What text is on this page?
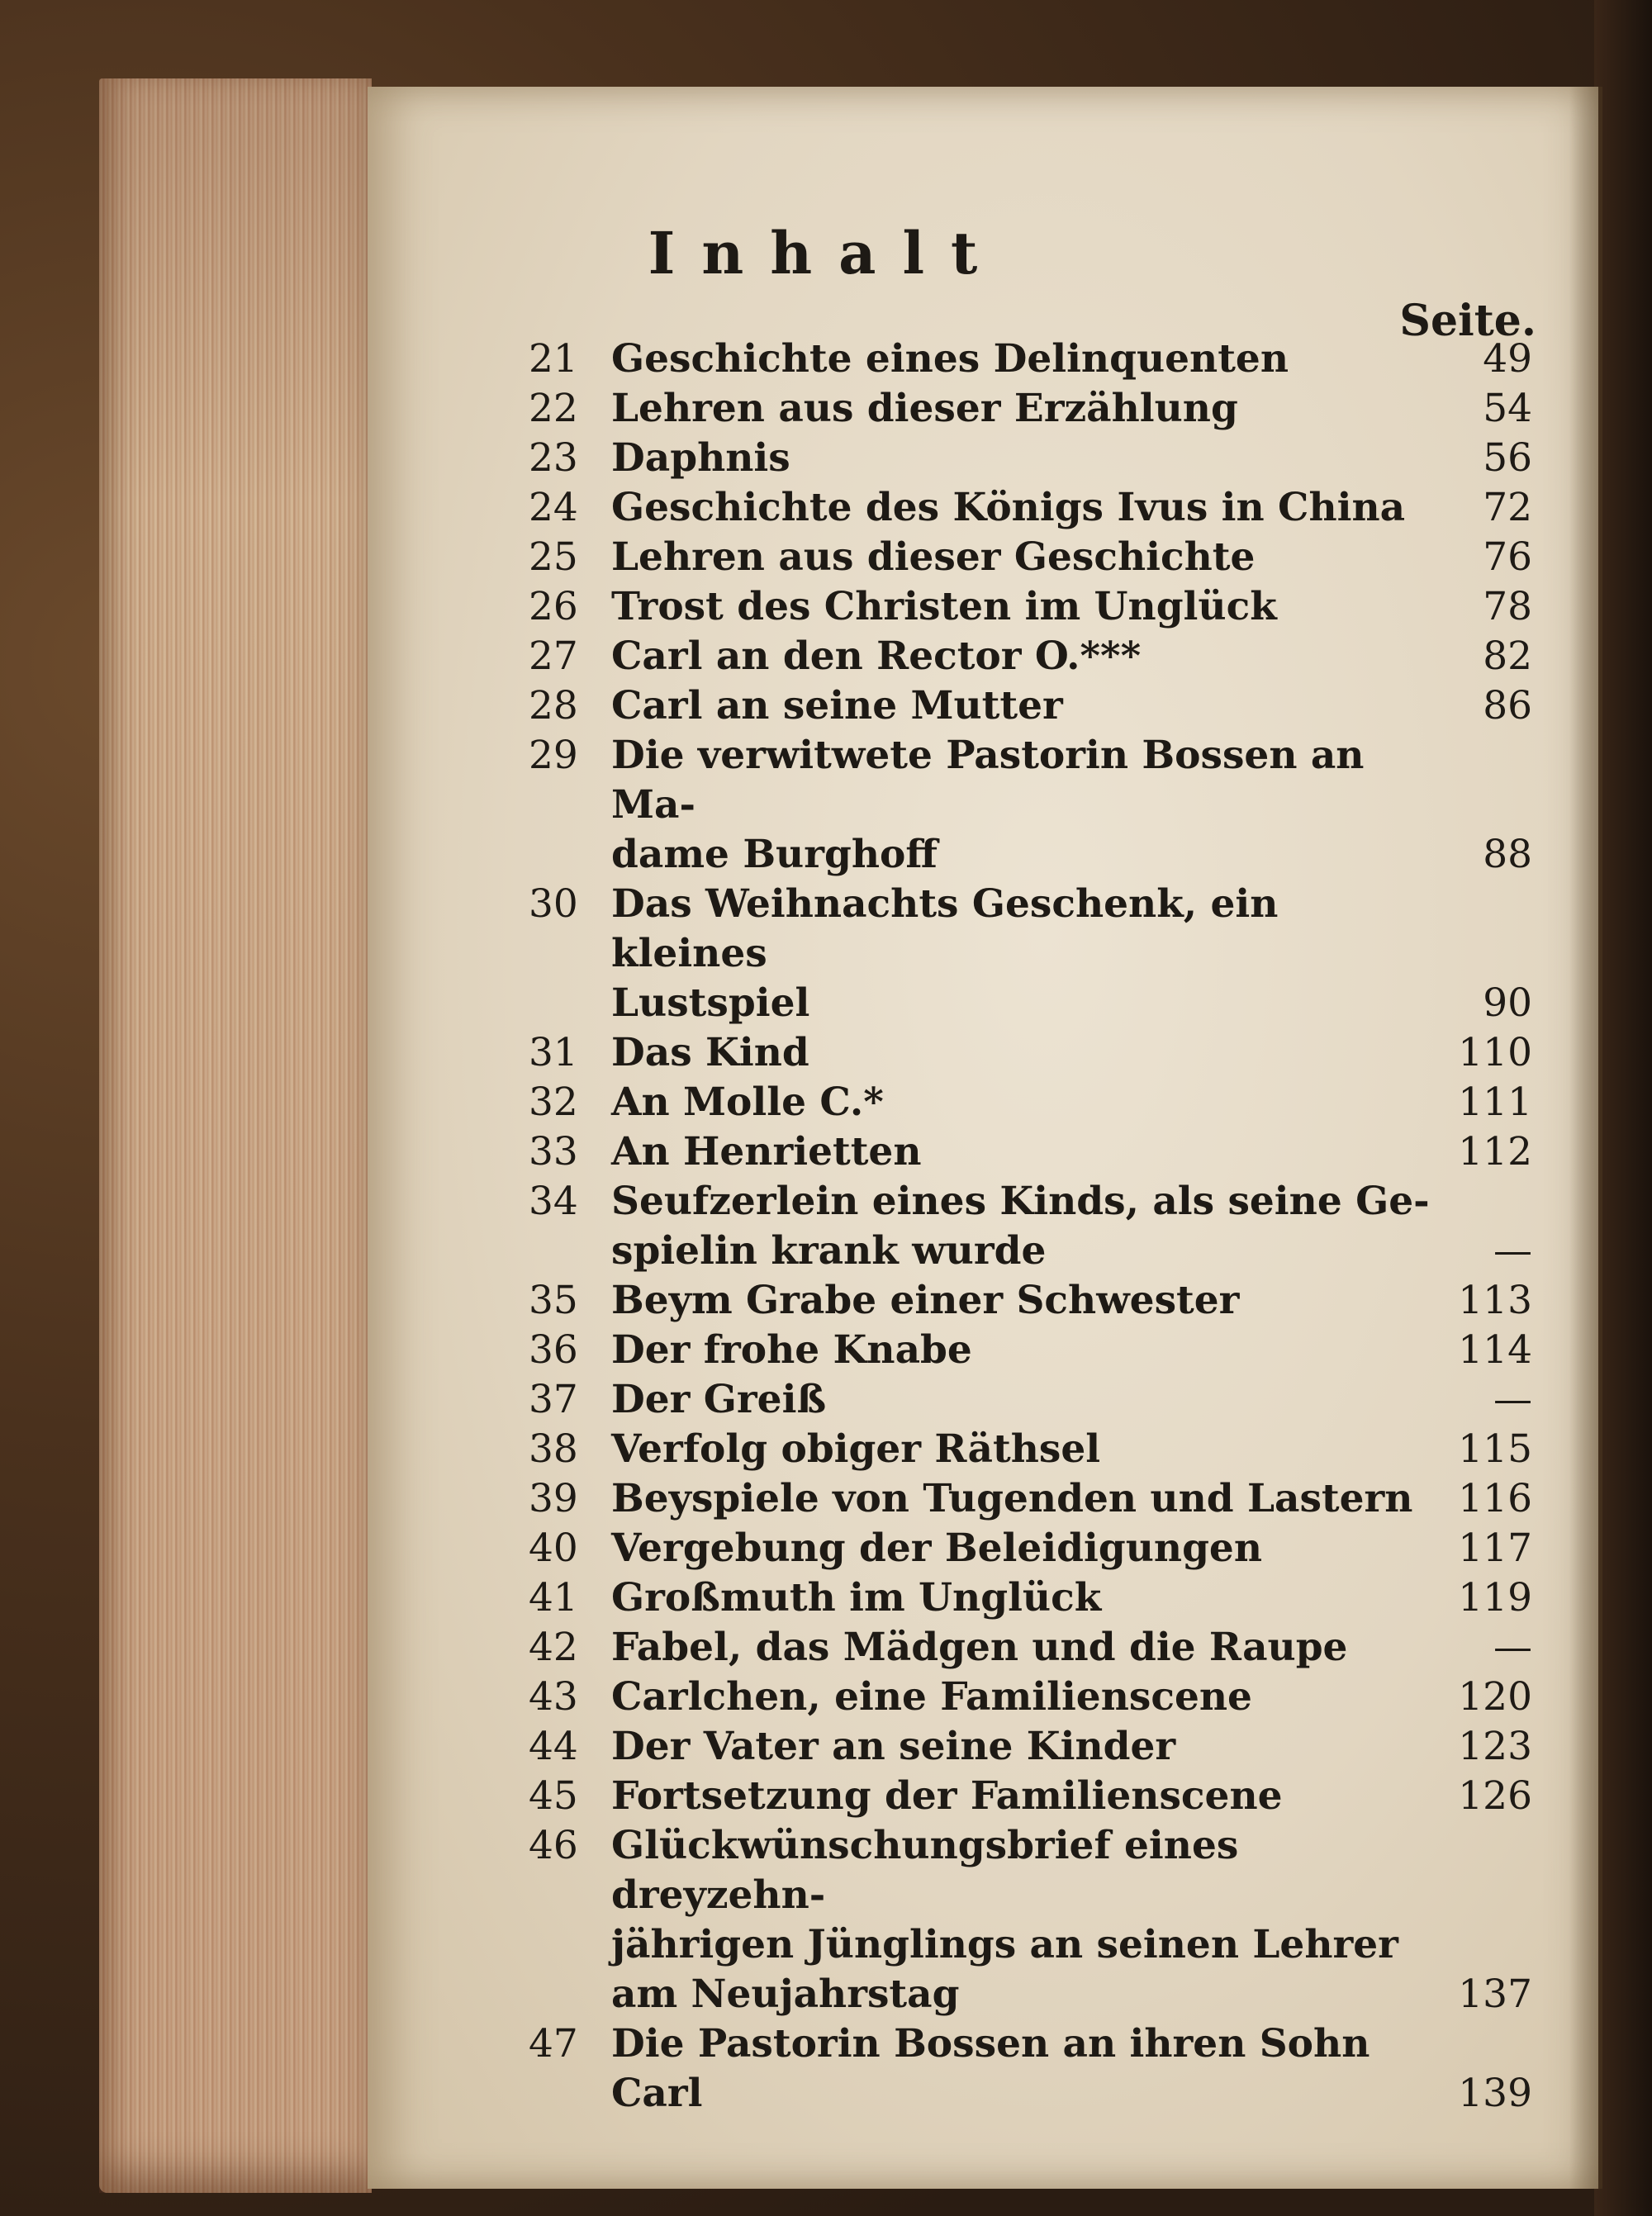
Inhalt
Seite.
21 Geschichte eines Delinquenten	49
22 Lehren aus dieser Erzählung	54
23 Daphnis	56
24 Geschichte des Königs Ivus in China	72
25 Lehren aus dieser Geschichte	76
26 Trost des Christen im Unglück	78
27 Carl an den Rector O.***	82
28 Carl an seine Mutter	86
29 Die verwitwete Pastorin Bossen an Ma-
dame Burghoff	88
30 Das Weihnachts Geschenk, ein kleines
Lustspiel	90
31 Das Kind	110
32 An Molle C.*	111
33 An Henrietten	112
34 Seufzerlein eines Kinds, als seine Ge-
spielin krank wurde	—
35 Beym Grabe einer Schwester	113
36 Der frohe Knabe	114
37 Der Greiß	—
38 Verfolg obiger Räthsel	115
39 Beyspiele von Tugenden und Lastern	116
40 Vergebung der Beleidigungen	117
41 Großmuth im Unglück	119
42 Fabel, das Mädgen und die Raupe	—
43 Carlchen, eine Familienscene	120
44 Der Vater an seine Kinder	123
45 Fortsetzung der Familienscene	126
46 Glückwünschungsbrief eines dreyzehn-
jährigen Jünglings an seinen Lehrer
am Neujahrstag	137
47 Die Pastorin Bossen an ihren Sohn Carl	139
